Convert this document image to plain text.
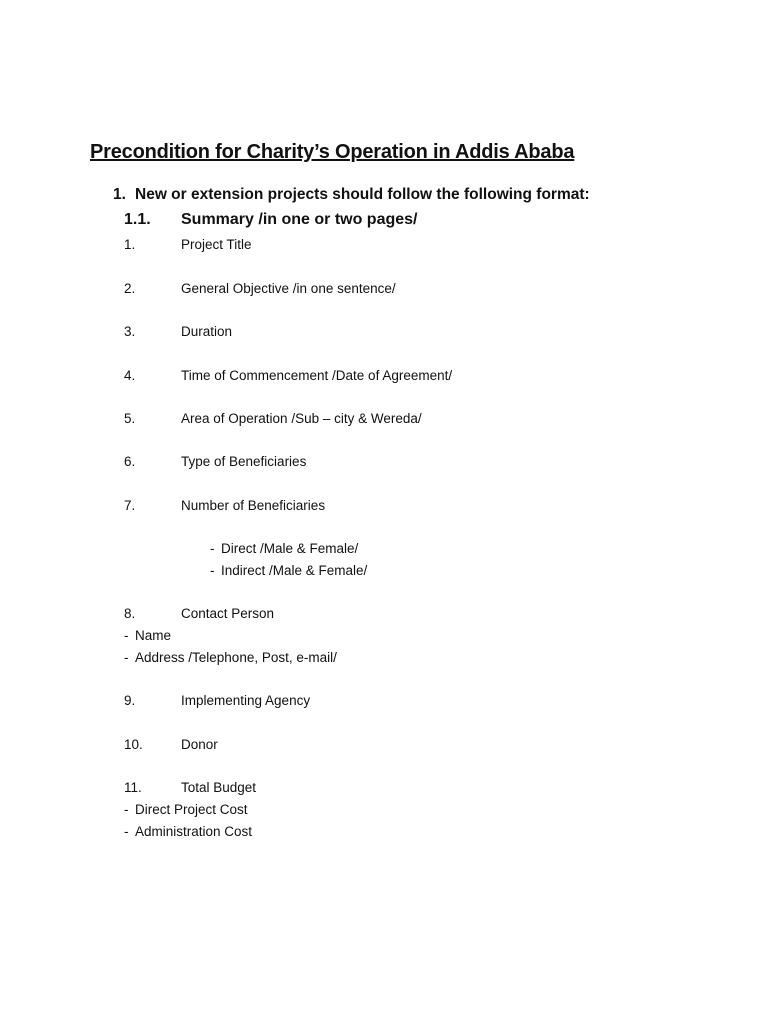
Precondition for Charity’s Operation in Addis Ababa
1. New or extension projects should follow the following format:
1.1. Summary /in one or two pages/
1.	Project Title
2.	General Objective /in one sentence/
3.	Duration
4.	Time of Commencement /Date of Agreement/
5.	Area of Operation /Sub – city & Wereda/
6.	Type of Beneficiaries
7.	Number of Beneficiaries
- Direct /Male & Female/
- Indirect /Male & Female/
8.	Contact Person
- Name
- Address /Telephone, Post, e-mail/
9.	Implementing Agency
10.	Donor
11.	Total Budget
- Direct Project Cost
- Administration Cost
